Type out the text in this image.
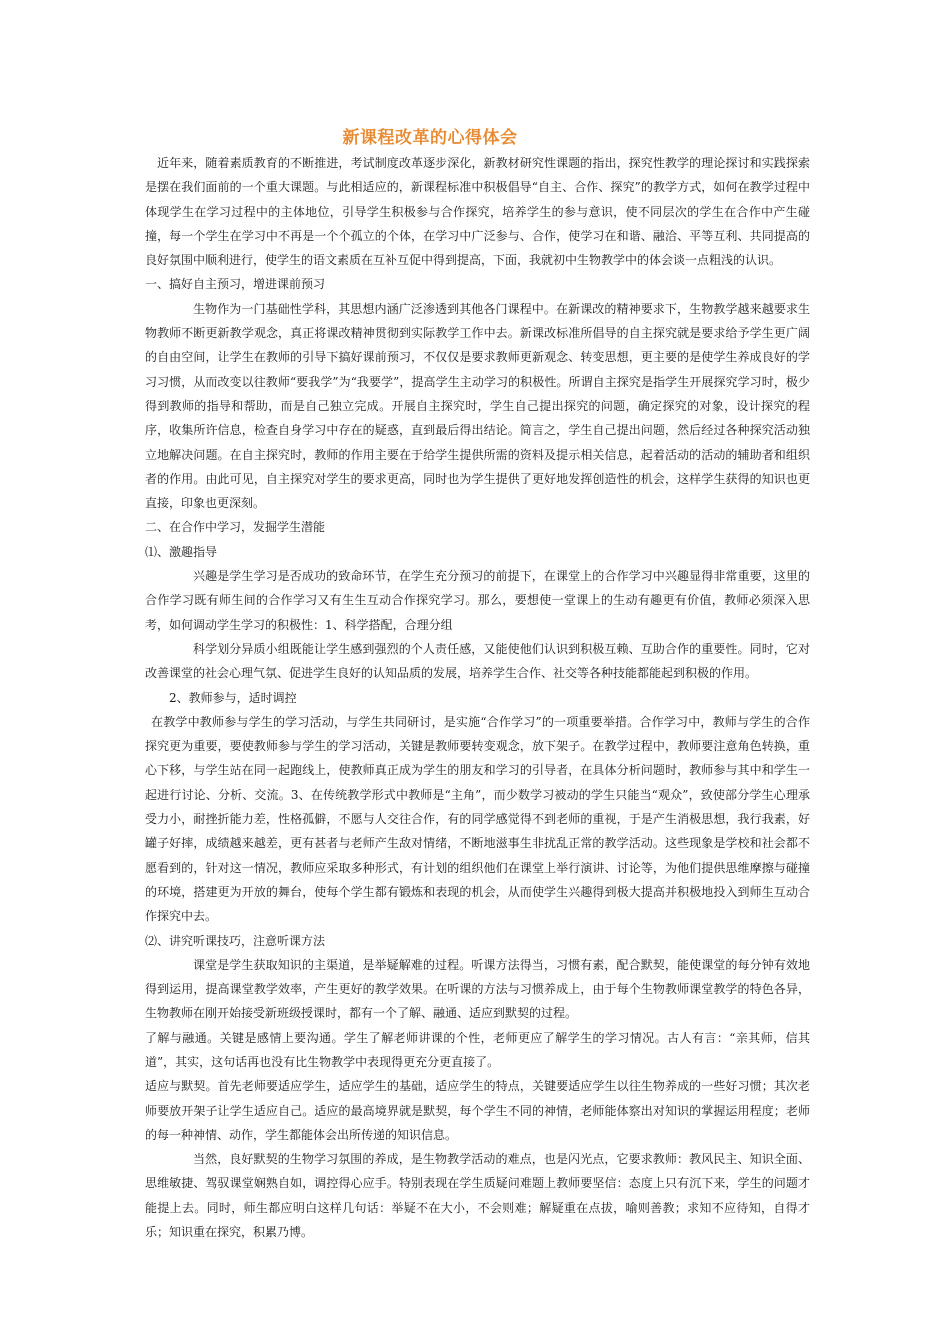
新课程改革的心得体会

近年来，随着素质教育的不断推进，考试制度改革逐步深化，新教材研究性课题的指出，探究性教学的理论探讨和实践探索是摆在我们面前的一个重大课题。与此相适应的，新课程标准中积极倡导“自主、合作、探究”的教学方式，如何在教学过程中体现学生在学习过程中的主体地位，引导学生积极参与合作探究，培养学生的参与意识，使不同层次的学生在合作中产生碰撞，每一个学生在学习中不再是一个个孤立的个体，在学习中广泛参与、合作，使学习在和谐、融洽、平等互利、共同提高的良好氛围中顺利进行，使学生的语文素质在互补互促中得到提高，下面，我就初中生物教学中的体会谈一点粗浅的认识。

一、搞好自主预习，增进课前预习

生物作为一门基础性学科，其思想内涵广泛渗透到其他各门课程中。在新课改的精神要求下，生物教学越来越要求生物教师不断更新教学观念，真正将课改精神贯彻到实际教学工作中去。新课改标准所倡导的自主探究就是要求给予学生更广阔的自由空间，让学生在教师的引导下搞好课前预习，不仅仅是要求教师更新观念、转变思想，更主要的是使学生养成良好的学习习惯，从而改变以往教师“要我学”为“我要学”，提高学生主动学习的积极性。所谓自主探究是指学生开展探究学习时，极少得到教师的指导和帮助，而是自己独立完成。开展自主探究时，学生自己提出探究的问题，确定探究的对象，设计探究的程序，收集所许信息，检查自身学习中存在的疑惑，直到最后得出结论。简言之，学生自己提出问题，然后经过各种探究活动独立地解决问题。在自主探究时，教师的作用主要在于给学生提供所需的资料及提示相关信息，起着活动的活动的辅助者和组织者的作用。由此可见，自主探究对学生的要求更高，同时也为学生提供了更好地发挥创造性的机会，这样学生获得的知识也更直接，印象也更深刻。

二、在合作中学习，发掘学生潜能

⑴、激趣指导

兴趣是学生学习是否成功的致命环节，在学生充分预习的前提下，在课堂上的合作学习中兴趣显得非常重要，这里的合作学习既有师生间的合作学习又有生生互动合作探究学习。那么，要想使一堂课上的生动有趣更有价值，教师必须深入思考，如何调动学生学习的积极性：1、科学搭配，合理分组

科学划分异质小组既能让学生感到强烈的个人责任感，又能使他们认识到积极互赖、互助合作的重要性。同时，它对改善课堂的社会心理气氛、促进学生良好的认知品质的发展，培养学生合作、社交等各种技能都能起到积极的作用。

2、教师参与，适时调控

在教学中教师参与学生的学习活动，与学生共同研讨，是实施“合作学习”的一项重要举措。合作学习中，教师与学生的合作探究更为重要，要使教师参与学生的学习活动，关键是教师要转变观念，放下架子。在教学过程中，教师要注意角色转换，重心下移，与学生站在同一起跑线上，使教师真正成为学生的朋友和学习的引导者，在具体分析问题时，教师参与其中和学生一起进行讨论、分析、交流。3、在传统教学形式中教师是“主角”，而少数学习被动的学生只能当“观众”，致使部分学生心理承受力小，耐挫折能力差，性格孤僻，不愿与人交往合作，有的同学感觉得不到老师的重视，于是产生消极思想，我行我素，好罐子好摔，成绩越来越差，更有甚者与老师产生敌对情绪，不断地滋事生非扰乱正常的教学活动。这些现象是学校和社会都不愿看到的，针对这一情况，教师应采取多种形式，有计划的组织他们在课堂上举行演讲、讨论等，为他们提供思维摩擦与碰撞的环境，搭建更为开放的舞台，使每个学生都有锻炼和表现的机会，从而使学生兴趣得到极大提高并积极地投入到师生互动合作探究中去。

⑵、讲究听课技巧，注意听课方法

课堂是学生获取知识的主渠道，是举疑解难的过程。听课方法得当，习惯有素，配合默契，能使课堂的每分钟有效地得到运用，提高课堂教学效率，产生更好的教学效果。在听课的方法与习惯养成上，由于每个生物教师课堂教学的特色各异，生物教师在刚开始接受新班级授课时，都有一个了解、融通、适应到默契的过程。

了解与融通。关键是感情上要沟通。学生了解老师讲课的个性，老师更应了解学生的学习情况。古人有言：“亲其师，信其道”，其实，这句话再也没有比生物教学中表现得更充分更直接了。

适应与默契。首先老师要适应学生，适应学生的基础，适应学生的特点，关键要适应学生以往生物养成的一些好习惯；其次老师要放开架子让学生适应自己。适应的最高境界就是默契，每个学生不同的神情，老师能体察出对知识的掌握运用程度；老师的每一种神情、动作，学生都能体会出所传递的知识信息。

当然，良好默契的生物学习氛围的养成，是生物教学活动的难点，也是闪光点，它要求教师：教风民主、知识全面、思维敏捷、驾驭课堂娴熟自如，调控得心应手。特别表现在学生质疑问难题上教师要坚信：态度上只有沉下来，学生的问题才能提上去。同时，师生都应明白这样几句话：举疑不在大小，不会则难；解疑重在点拔，喻则善教；求知不应待知，自得才乐；知识重在探究，积累乃博。
